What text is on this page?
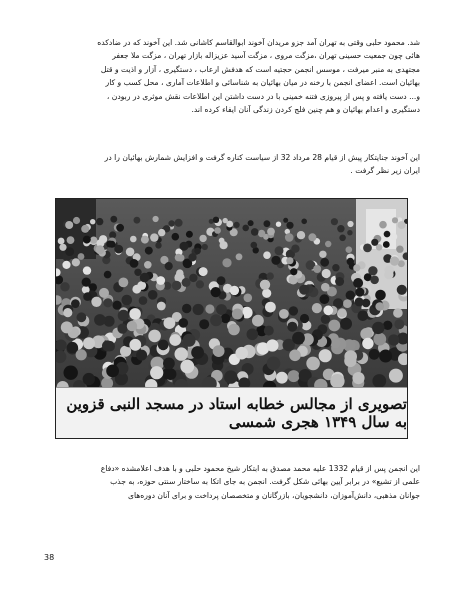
شد. محمود حلبی وقتی به تهران آمد جزو مریدان آخوند ابوالقاسم کاشانی شد. این آخوند که در ضادکده
هائی چون جمعیت حسینی تهران ،مزگت مروی ، مزگت آسید عزیزاله بازار تهران ، مزگت ملا جعفر
مجتهدی به منبر میرفت ، موسس انجمن حجتیه است که هدفش ارعاب ، دستگیری ، آزار و اذیت و قتل
بهائیان است. اعضای انجمن با رخنه در میان بهائیان به شناسائی و اطلاعات آماری ، محل کسب و کار
و... دست یافته و پس از پیروزی فتنه خمینی با در دست داشتن این اطلاعات نقش موثری در ربودن ،
دستگیری و اعدام بهائیان و هم چنین فلج کردن زندگی آنان ایفاء کرده اند.
این آخوند جنایتکار پیش از قیام 28 مرداد 32 از سیاست کناره گرفت و افزایش شمارش بهائیان را در
ایران زیر نظر گرفت .
تصویری از مجالس خطابه استاد در مسجد النبی قزوین به سال ۱۳۴۹ هجری شمسی
این انجمن پس از قیام 1332 علیه محمد مصدق به ابتکار شیخ محمود حلبی و با هدف اعلامشده «دفاع
علمی از تشیع» در برابر آیین بهائی شکل گرفت. انجمن به جای اتکا به ساختار سنتی حوزه، به جذب
جوانان مذهبی، دانش‌آموزان، دانشجویان، بازرگانان و متخصصان پرداخت و برای آنان دوره‌های
38
